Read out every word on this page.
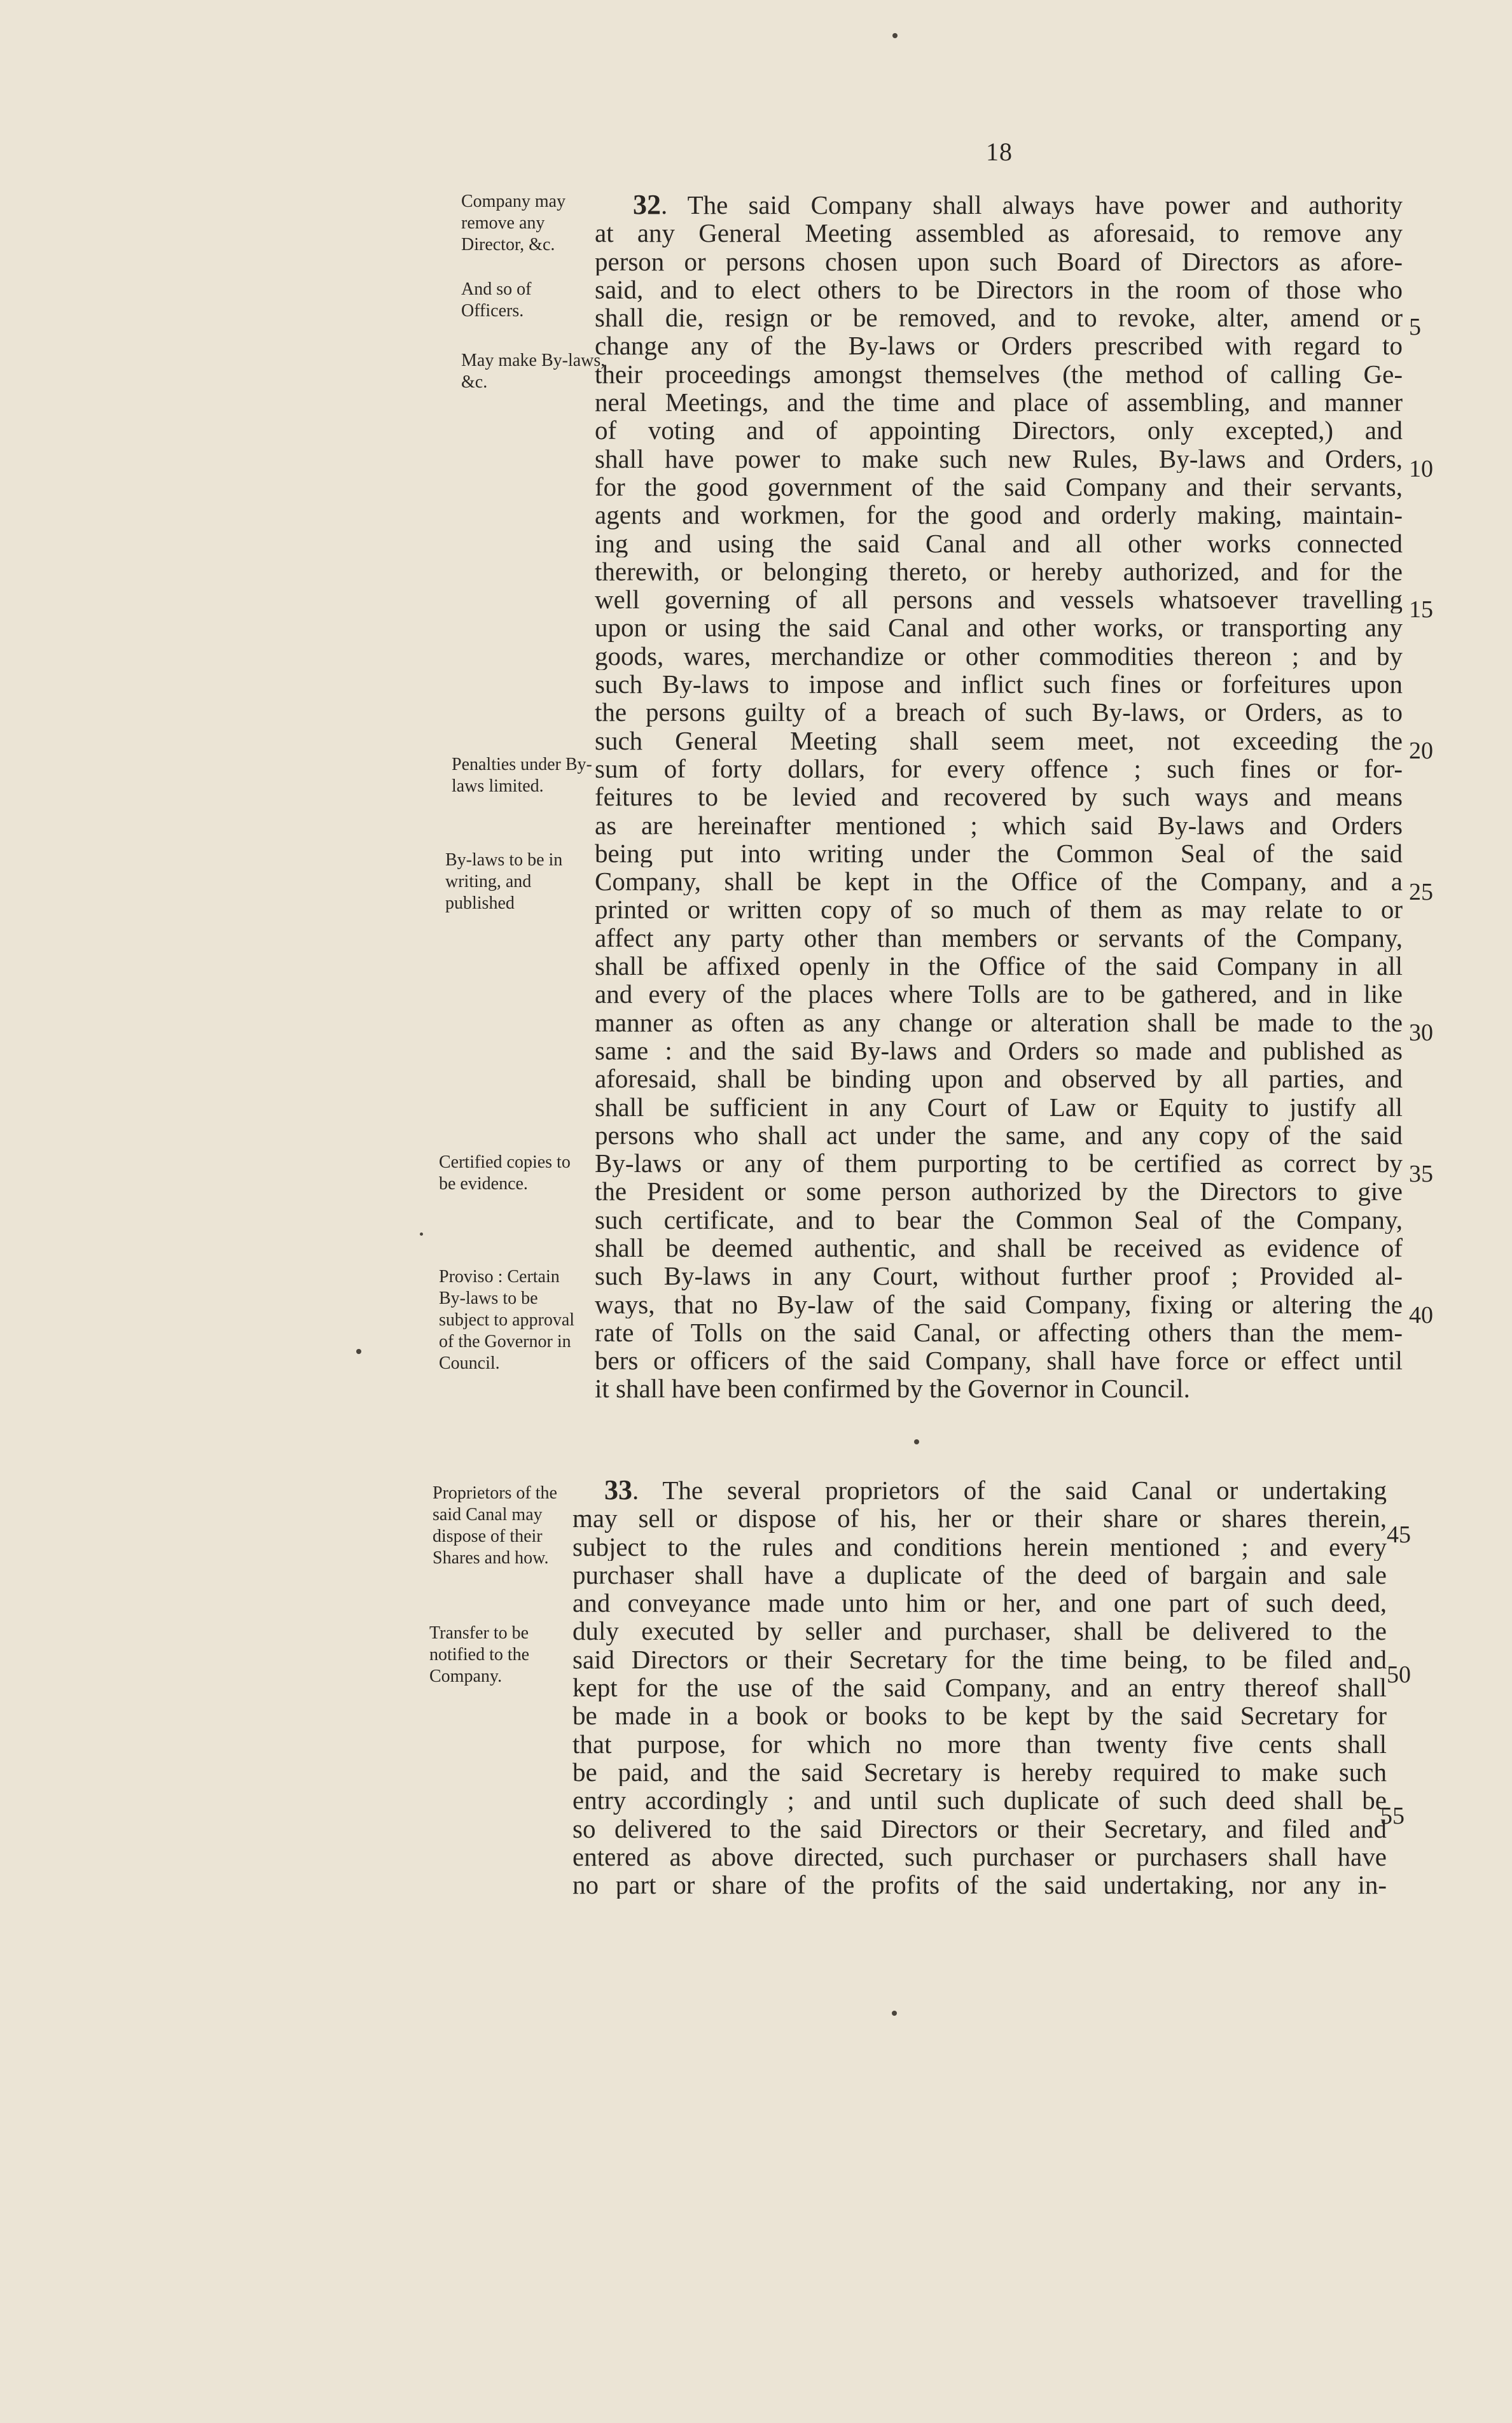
18
Company may remove any Director, &c.
And so of Officers.
May make By-laws, &c.
Penalties under By-laws limited.
By-laws to be in writing, and published
Certified copies to be evidence.
Proviso : Certain By-laws to be subject to approval of the Governor in Council.
32. The said Company shall always have power and authority
at any General Meeting assembled as aforesaid, to remove any
person or persons chosen upon such Board of Directors as afore-
said, and to elect others to be Directors in the room of those who
shall die, resign or be removed, and to revoke, alter, amend or
change any of the By-laws or Orders prescribed with regard to
their proceedings amongst themselves (the method of calling Ge-
neral Meetings, and the time and place of assembling, and manner
of voting and of appointing Directors, only excepted,) and
shall have power to make such new Rules, By-laws and Orders,
for the good government of the said Company and their servants,
agents and workmen, for the good and orderly making, maintain-
ing and using the said Canal and all other works connected
therewith, or belonging thereto, or hereby authorized, and for the
well governing of all persons and vessels whatsoever travelling
upon or using the said Canal and other works, or transporting any
goods, wares, merchandize or other commodities thereon ; and by
such By-laws to impose and inflict such fines or forfeitures upon
the persons guilty of a breach of such By-laws, or Orders, as to
such General Meeting shall seem meet, not exceeding the
sum of forty dollars, for every offence ; such fines or for-
feitures to be levied and recovered by such ways and means
as are hereinafter mentioned ; which said By-laws and Orders
being put into writing under the Common Seal of the said
Company, shall be kept in the Office of the Company, and a
printed or written copy of so much of them as may relate to or
affect any party other than members or servants of the Company,
shall be affixed openly in the Office of the said Company in all
and every of the places where Tolls are to be gathered, and in like
manner as often as any change or alteration shall be made to the
same : and the said By-laws and Orders so made and published as
aforesaid, shall be binding upon and observed by all parties, and
shall be sufficient in any Court of Law or Equity to justify all
persons who shall act under the same, and any copy of the said
By-laws or any of them purporting to be certified as correct by
the President or some person authorized by the Directors to give
such certificate, and to bear the Common Seal of the Company,
shall be deemed authentic, and shall be received as evidence of
such By-laws in any Court, without further proof ; Provided al-
ways, that no By-law of the said Company, fixing or altering the
rate of Tolls on the said Canal, or affecting others than the mem-
bers or officers of the said Company, shall have force or effect until
it shall have been confirmed by the Governor in Council.
5
10
15
20
25
30
35
40
Proprietors of the said Canal may dispose of their Shares and how.
Transfer to be notified to the Company.
33. The several proprietors of the said Canal or undertaking
may sell or dispose of his, her or their share or shares therein,
subject to the rules and conditions herein mentioned ; and every
purchaser shall have a duplicate of the deed of bargain and sale
and conveyance made unto him or her, and one part of such deed,
duly executed by seller and purchaser, shall be delivered to the
said Directors or their Secretary for the time being, to be filed and
kept for the use of the said Company, and an entry thereof shall
be made in a book or books to be kept by the said Secretary for
that purpose, for which no more than twenty five cents shall
be paid, and the said Secretary is hereby required to make such
entry accordingly ; and until such duplicate of such deed shall be
so delivered to the said Directors or their Secretary, and filed and
entered as above directed, such purchaser or purchasers shall have
no part or share of the profits of the said undertaking, nor any in-
45
50
55
